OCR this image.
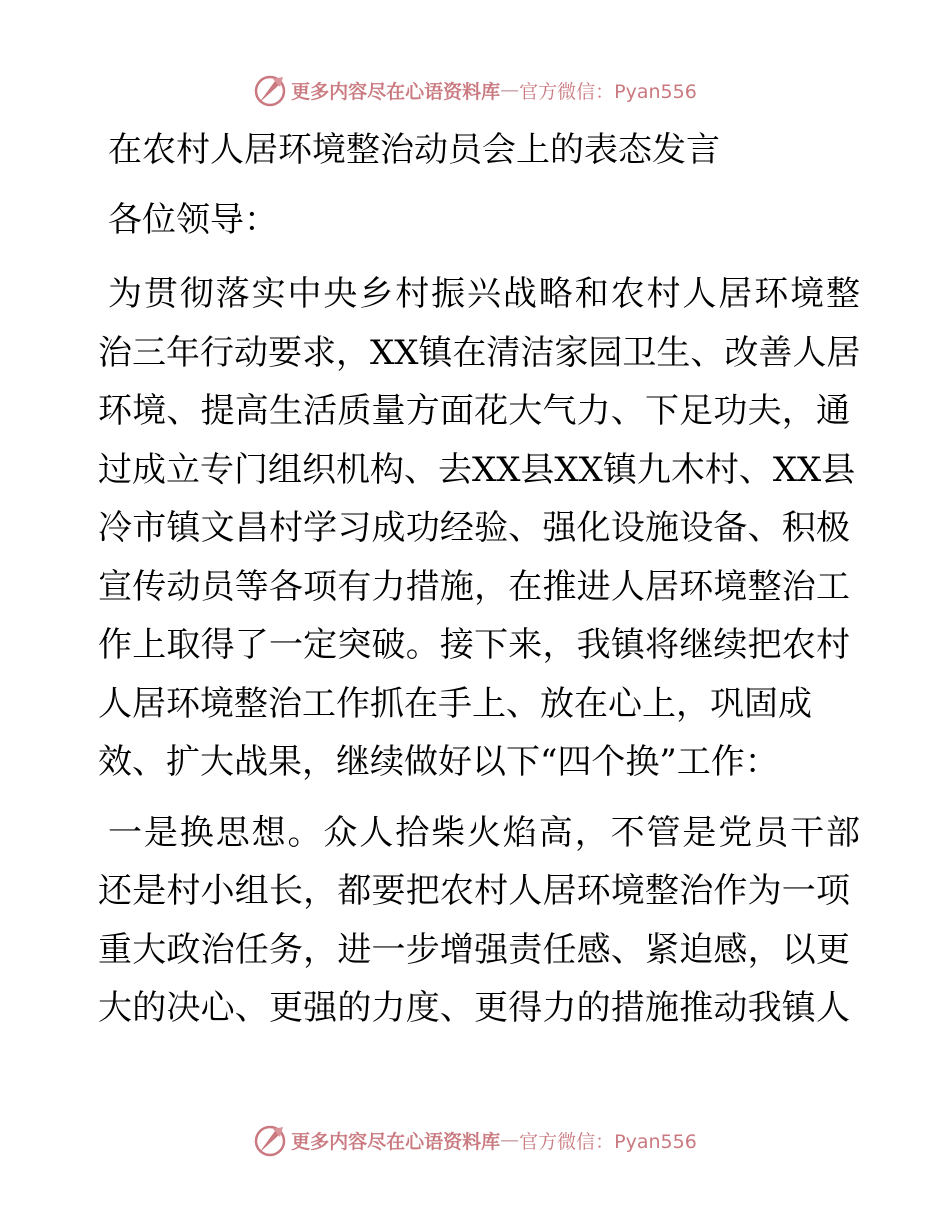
更多内容尽在心语资料库 — 官方微信：Pyan556
在农村人居环境整治动员会上的表态发言
各位领导：
为贯彻落实中央乡村振兴战略和农村人居环境整
治三年行动要求，XX镇在清洁家园卫生、改善人居
环境、提高生活质量方面花大气力、下足功夫，通
过成立专门组织机构、去XX县XX镇九木村、XX县
冷市镇文昌村学习成功经验、强化设施设备、积极
宣传动员等各项有力措施，在推进人居环境整治工
作上取得了一定突破。接下来，我镇将继续把农村
人居环境整治工作抓在手上、放在心上，巩固成
效、扩大战果，继续做好以下“四个换”工作：
一是换思想。众人拾柴火焰高，不管是党员干部
还是村小组长，都要把农村人居环境整治作为一项
重大政治任务，进一步增强责任感、紧迫感，以更
大的决心、更强的力度、更得力的措施推动我镇人
更多内容尽在心语资料库 — 官方微信：Pyan556
